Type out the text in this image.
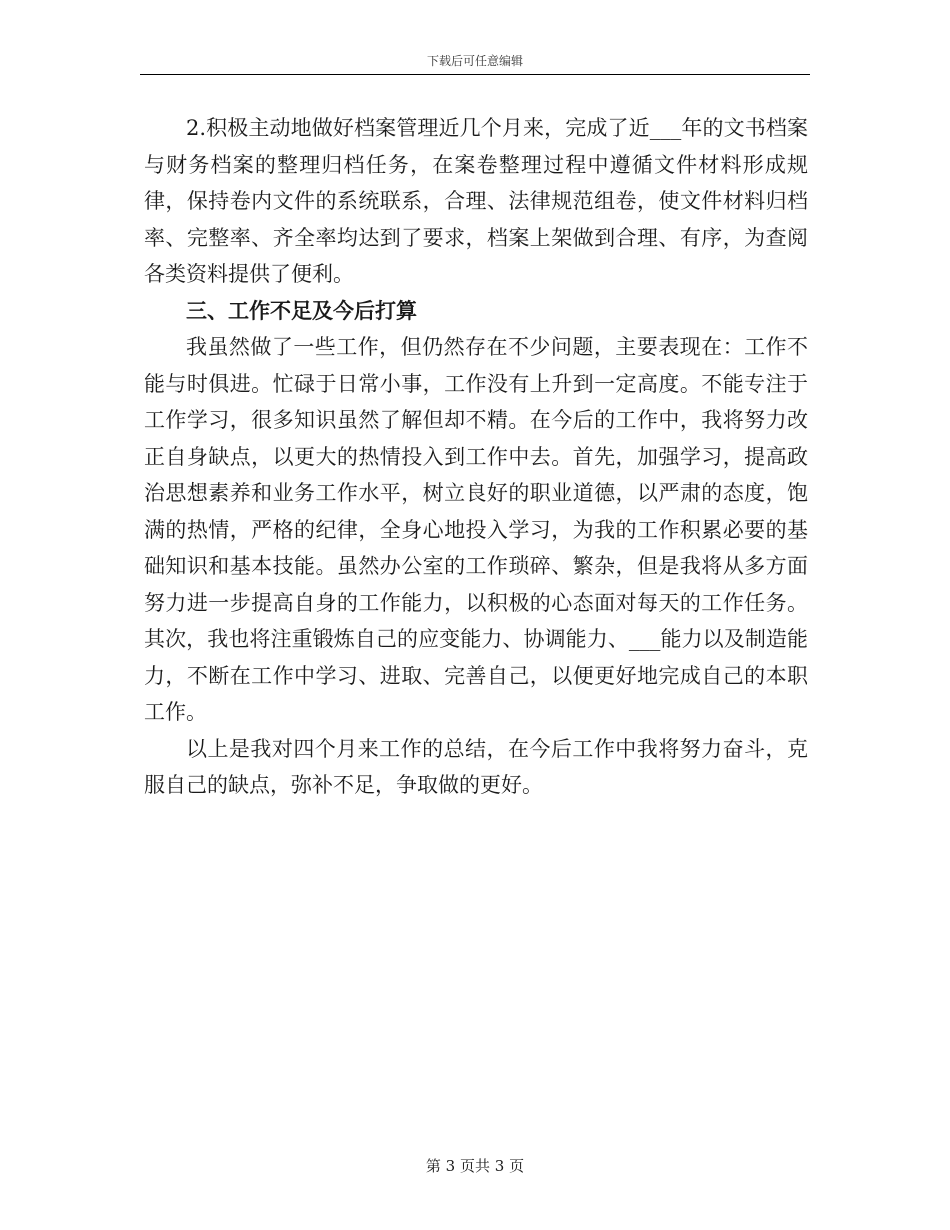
下载后可任意编辑

2.积极主动地做好档案管理近几个月来，完成了近___年的文书档案与财务档案的整理归档任务，在案卷整理过程中遵循文件材料形成规律，保持卷内文件的系统联系，合理、法律规范组卷，使文件材料归档率、完整率、齐全率均达到了要求，档案上架做到合理、有序，为查阅各类资料提供了便利。

三、工作不足及今后打算

我虽然做了一些工作，但仍然存在不少问题，主要表现在：工作不能与时俱进。忙碌于日常小事，工作没有上升到一定高度。不能专注于工作学习，很多知识虽然了解但却不精。在今后的工作中，我将努力改正自身缺点，以更大的热情投入到工作中去。首先，加强学习，提高政治思想素养和业务工作水平，树立良好的职业道德，以严肃的态度，饱满的热情，严格的纪律，全身心地投入学习，为我的工作积累必要的基础知识和基本技能。虽然办公室的工作琐碎、繁杂，但是我将从多方面努力进一步提高自身的工作能力，以积极的心态面对每天的工作任务。其次，我也将注重锻炼自己的应变能力、协调能力、___能力以及制造能力，不断在工作中学习、进取、完善自己，以便更好地完成自己的本职工作。

以上是我对四个月来工作的总结，在今后工作中我将努力奋斗，克服自己的缺点，弥补不足，争取做的更好。

第 3 页共 3 页
